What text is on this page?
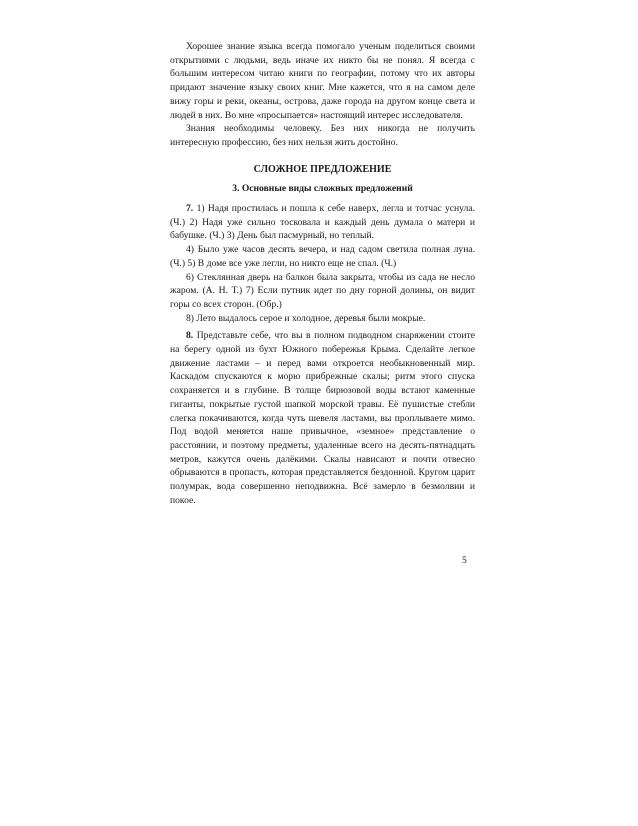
Хорошее знание языка всегда помогало ученым поделиться своими открытиями с людьми, ведь иначе их никто бы не понял. Я всегда с большим интересом читаю книги по географии, потому что их авторы придают значение языку своих книг. Мне кажется, что я на самом деле вижу горы и реки, океаны, острова, даже города на другом конце света и людей в них. Во мне «просыпается» настоящий интерес исследователя.

Знания необходимы человеку. Без них никогда не получить интересную профессию, без них нельзя жить достойно.

СЛОЖНОЕ ПРЕДЛОЖЕНИЕ
3. Основные виды сложных предложений

7. 1) Надя простилась и пошла к себе наверх, легла и тотчас уснула. (Ч.) 2) Надя уже сильно тосковала и каждый день думала о матери и бабушке. (Ч.) 3) День был пасмурный, но теплый.

4) Было уже часов десять вечера, и над садом светила полная луна. (Ч.) 5) В доме все уже легли, но никто еще не спал. (Ч.)

6) Стеклянная дверь на балкон была закрыта, чтобы из сада не несло жаром. (А. Н. Т.) 7) Если путник идет по дну горной долины, он видит горы со всех сторон. (Обр.)

8) Лето выдалось серое и холодное, деревья были мокрые.

8. Представьте себе, что вы в полном подводном снаряжении стоите на берегу одной из бухт Южного побережья Крыма. Сделайте легкое движение ластами – и перед вами откроется необыкновенный мир. Каскадом спускаются к морю прибрежные скалы; ритм этого спуска сохраняется и в глубине. В толще бирюзовой воды встают каменные гиганты, покрытые густой шапкой морской травы. Её пушистые стебли слегка покачиваются, когда чуть шевеля ластами, вы проплываете мимо. Под водой меняется наше привычное, «земное» представление о расстоянии, и поэтому предметы, удаленные всего на десять-пятнадцать метров, кажутся очень далёкими. Скалы нависают и почти отвесно обрываются в пропасть, которая представляется бездонной. Кругом царит полумрак, вода совершенно неподвижна. Всё замерло в безмолвии и покое.

5
